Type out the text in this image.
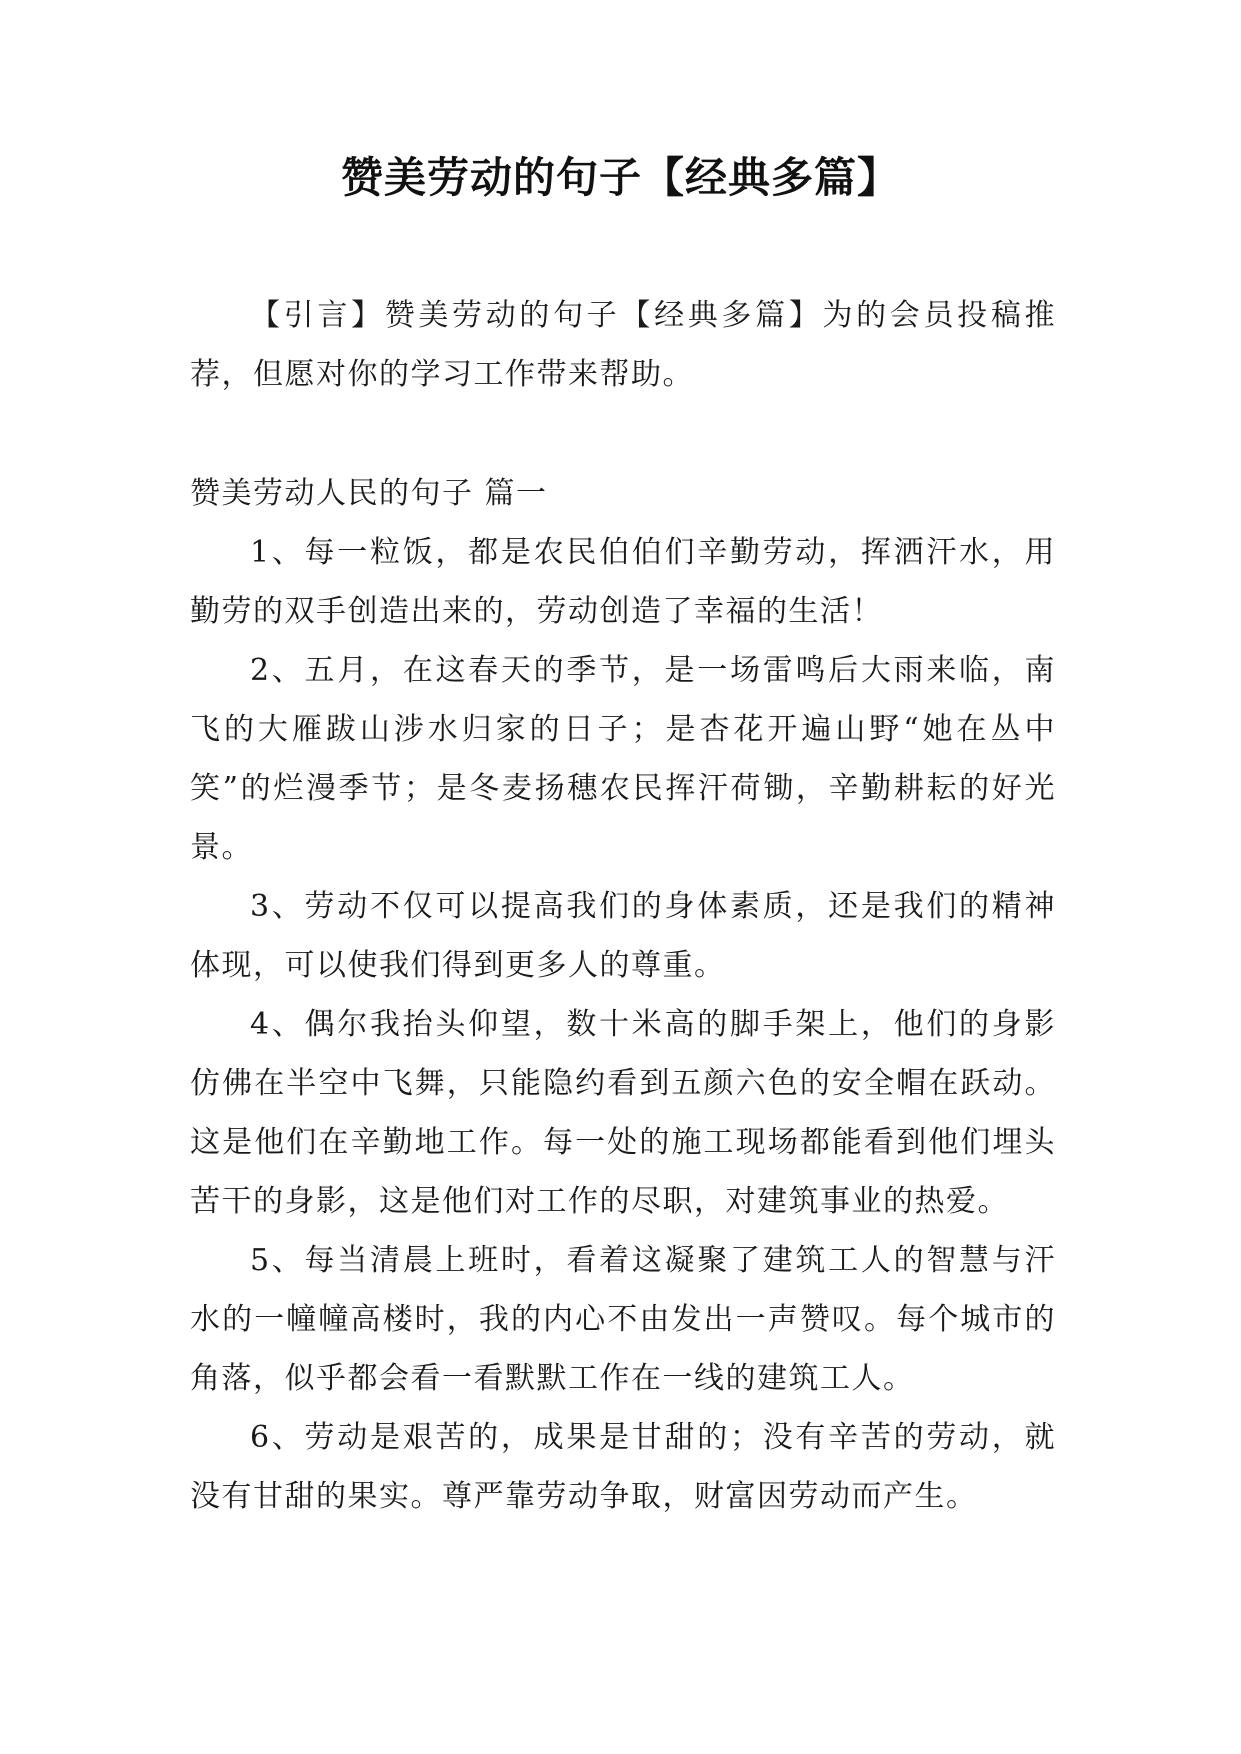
赞美劳动的句子【经典多篇】

【引言】赞美劳动的句子【经典多篇】为的会员投稿推荐，但愿对你的学习工作带来帮助。

赞美劳动人民的句子 篇一

1、每一粒饭，都是农民伯伯们辛勤劳动，挥洒汗水，用勤劳的双手创造出来的，劳动创造了幸福的生活！

2、五月，在这春天的季节，是一场雷鸣后大雨来临，南飞的大雁跋山涉水归家的日子；是杏花开遍山野“她在丛中笑”的烂漫季节；是冬麦扬穗农民挥汗荷锄，辛勤耕耘的好光景。

3、劳动不仅可以提高我们的身体素质，还是我们的精神体现，可以使我们得到更多人的尊重。

4、偶尔我抬头仰望，数十米高的脚手架上，他们的身影仿佛在半空中飞舞，只能隐约看到五颜六色的安全帽在跃动。这是他们在辛勤地工作。每一处的施工现场都能看到他们埋头苦干的身影，这是他们对工作的尽职，对建筑事业的热爱。

5、每当清晨上班时，看着这凝聚了建筑工人的智慧与汗水的一幢幢高楼时，我的内心不由发出一声赞叹。每个城市的角落，似乎都会看一看默默工作在一线的建筑工人。

6、劳动是艰苦的，成果是甘甜的；没有辛苦的劳动，就没有甘甜的果实。尊严靠劳动争取，财富因劳动而产生。
